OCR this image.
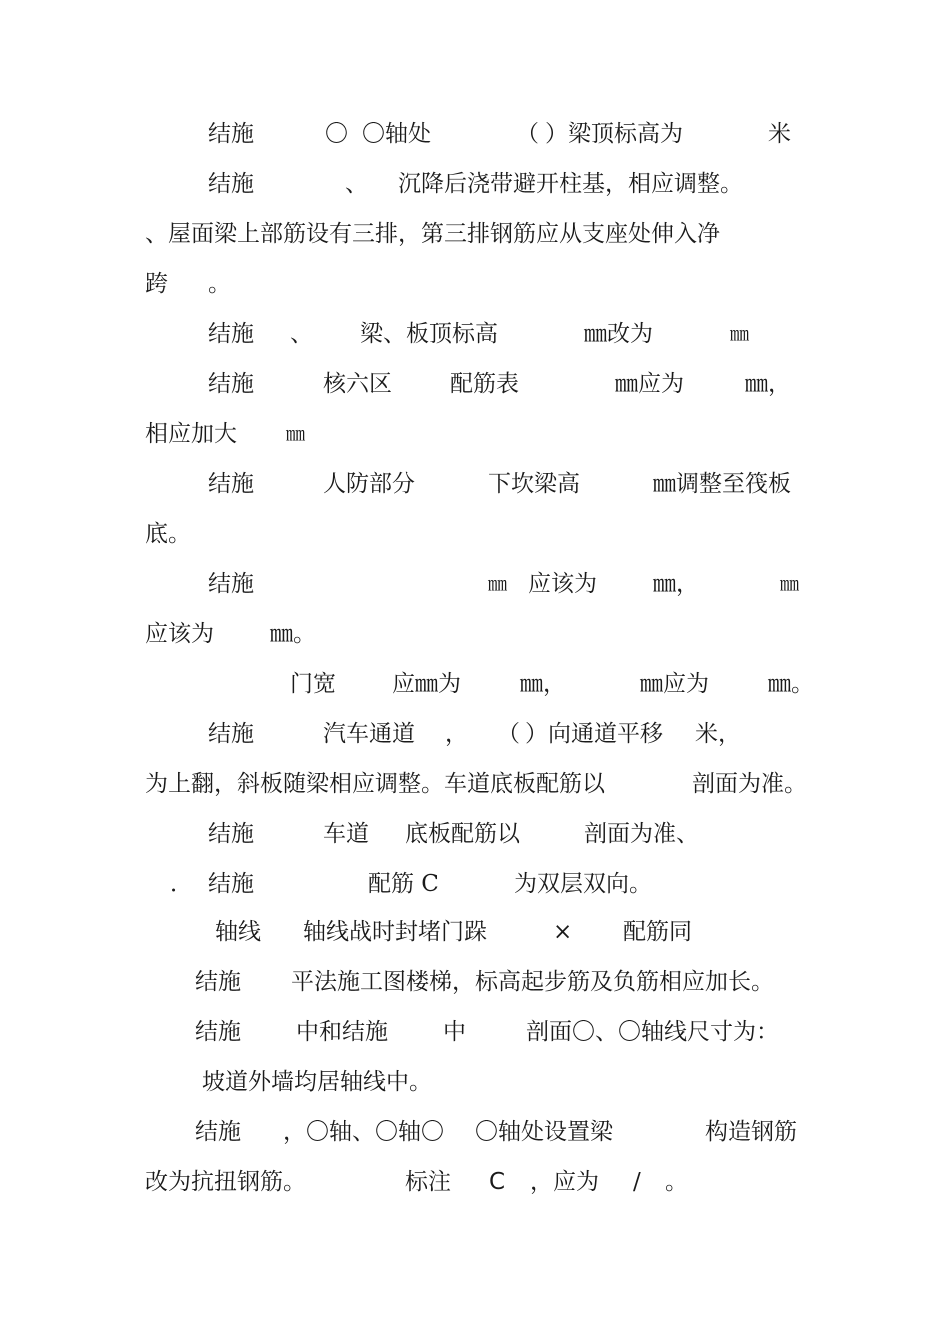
结施	〇 〇轴处	（ ）梁顶标高为	米
结施	、 沉降后浇带避开柱基，相应调整。
、屋面梁上部筋设有三排，第三排钢筋应从支座处伸入净
跨 。
结施 、 梁、板顶标高	㎜改为	㎜
结施	核六区	配筋表	㎜应为	㎜，
相应加大	㎜
结施	人防部分	下坎梁高	㎜调整至筏板
底。
结施	㎜ 应该为 ㎜，	㎜
应该为 ㎜。
门宽 应㎜为	㎜，	㎜应为	㎜。
结施	汽车通道 ， （ ）向通道平移 米，
为上翻，斜板随梁相应调整。车道底板配筋以	剖面为准。
结施	车道 底板配筋以	剖面为准、
． 结施	配筋 C	为双层双向。
轴线 轴线战时封堵门跺	× 配筋同
结施 平法施工图楼梯，标高起步筋及负筋相应加长。
结施 中和结施 中	剖面〇、〇轴线尺寸为：
坡道外墙均居轴线中。
结施 ，〇轴、〇轴〇 〇轴处设置梁	构造钢筋
改为抗扭钢筋。	标注 C ，应为 / 。
